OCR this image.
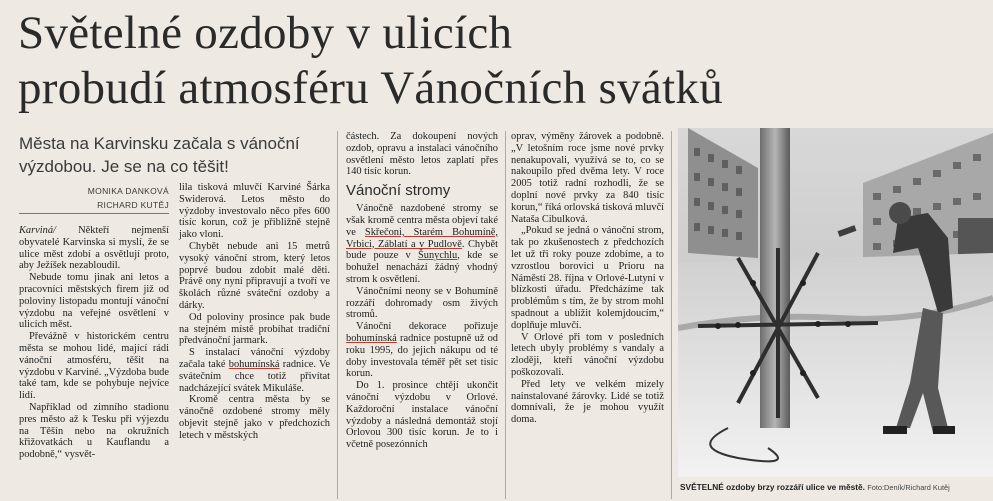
Světelné ozdoby v ulicích
probudí atmosféru Vánočních svátků

Města na Karvinsku začala s vánoční výzdobou. Je se na co těšit!

MONIKA DANKOVÁ
RICHARD KUTĚJ

Karviná/ Někteří nejmenší obyvatelé Karvinska si myslí, že se ulice měst zdobí a osvětlují proto, aby Ježíšek nezabloudil.

Nebude tomu jinak ani letos a pracovníci městských firem již od poloviny listopadu montují vánoční výzdobu na veřejné osvětlení v ulicích měst.

Převážně v historickém centru města se mohou lidé, mající rádi vánoční atmosféru, těšit na výzdobu v Karviné. „Výzdoba bude také tam, kde se pohybuje nejvíce lidí.

Například od zimního stadionu pres město až k Tesku při výjezdu na Těšín nebo na okružních křižovatkách u Kauflandu a podobně,“ vysvět-

lila tisková mluvčí Karviné Šárka Swiderová. Letos město do výzdoby investovalo něco přes 600 tisíc korun, což je přibližně stejně jako vloni.

Chybět nebude ani 15 metrů vysoký vánoční strom, který letos poprvé budou zdobit malé děti. Právě ony nyní připravují a tvoří ve školách různé sváteční ozdoby a dárky.

Od poloviny prosince pak bude na stejném místě probíhat tradiční předvánoční jarmark.

S instalací vánoční výzdoby začala také bohumínská radnice. Ve svátečním chce totiž přivítat nadcházející svátek Mikuláše.

Kromě centra města by se vánočně ozdobené stromy měly objevit stejně jako v předchozích letech v městských

částech. Za dokoupení nových ozdob, opravu a instalaci vánočního osvětlení město letos zaplatí přes 140 tisíc korun.

Vánoční stromy

Vánočně nazdobené stromy se však kromě centra města objeví také ve Skřečoni, Starém Bohumíně, Vrbici, Záblatí a v Pudlově. Chybět bude pouze v Šunychlu, kde se bohužel nenachází žádný vhodný strom k osvětlení.

Vánočními neony se v Bohumíně rozzáří dohromady osm živých stromů.

Vánoční dekorace pořizuje bohumínská radnice postupně už od roku 1995, do jejich nákupu od té doby investovala téměř pět set tisíc korun.

Do 1. prosince chtějí ukončit vánoční výzdobu v Orlové. Každoroční instalace vánoční výzdoby a následná demontáž stojí Orlovou 300 tisíc korun. Je to i včetně posezónních

oprav, výměny žárovek a podobně. „V letošním roce jsme nové prvky nenakupovali, využívá se to, co se nakoupilo před dvěma lety. V roce 2005 totiž radní rozhodli, že se doplní nové prvky za 840 tisíc korun,“ říká orlovská tisková mluvčí Nataša Cibulková.

„Pokud se jedná o vánoční strom, tak po zkušenostech z předchozích let už tři roky pouze zdobíme, a to vzrostlou borovici u Prioru na Náměstí 28. října v Orlové-Lutyni v blízkosti úřadu. Předcházíme tak problémům s tím, že by strom mohl spadnout a ublížit kolemjdoucím,“ doplňuje mluvčí.

V Orlové při tom v posledních letech ubyly problémy s vandaly a zloději, kteří vánoční výzdobu poškozovali.

Před lety ve velkém mizely nainstalované žárovky. Lidé se totiž domnívali, že je mohou využít doma.

SVĚTELNÉ ozdoby brzy rozzáří ulice ve městě. Foto:Deník/Richard Kutěj
